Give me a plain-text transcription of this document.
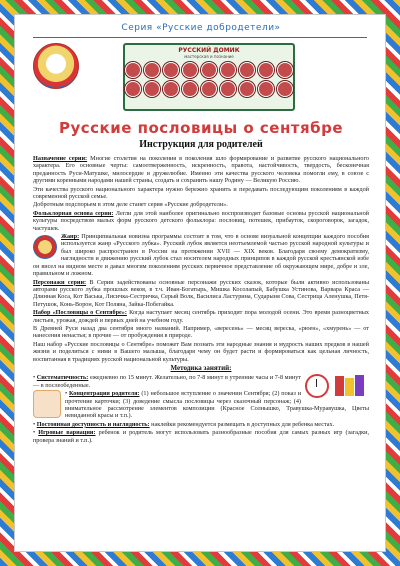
Серия «Русские добродетели»
РУССКИЙ ДОМИК
мастерская и познание
Русские пословицы о сентябре
Инструкция для родителей

Назначение серии: Многие столетия на поколения в поколения шло формирование и развитие русского национального характера. Его основные черты: самоотверженность, искренность, правота, настойчивость, твердость, бесконечная преданность Руси-Матушке, милосердие и дружелюбие. Именно эти качества русского человека помогли ему, в союзе с другими коренными народами нашей страны, создать и сохранить нашу Родину — Великую Россию.

Эти качества русского национального характера нужно бережно хранить и передавать последующим поколениям в каждой современной русской семье.

Добротным подспорьем в этом деле станет серия «Русские добродетели».

Фольклорная основа серии: Легли для этой наиболее оригинально воспроизводят базовые основы русской национальной культуры посредством малых форм русского детского фольклора: пословиц, потешек, прибауток, скороговорок, загадок, частушек.

Жанр: Принципиальная новизна программы состоит в том, что в основе визуальной концепции каждого пособия используется жанр «Русского лубка». Русский лубок является неотъемлемой частью русской народной культуры и был широко распространен в России на протяжении XVII — XIX веков. Благодаря своему демократизму, наглядности и движению русский лубок стал носителем народных принципов в каждой русской крестьянской избе он висел на видном месте и давал многим поколениям русских первичное представление об окружающем мире, добре и зле, правильном и ложном.

Персонажи серии: В Серии задействованы основные персонажи русских сказок, которые были активно использованы авторами русского лубка прошлых веков, в т.ч. Иван-Богатырь, Мишка Косолапый, Бабушка Устинова, Варвара Краса — Длинная Коса, Кот Васька, Лисичка-Сестричка, Серый Волк, Василиса Ластурина, Сударыня Сова, Сестрица Аленушка, Петя-Петушок, Конь-Ворон, Кот Поляна, Зайка-Побегайка.

Набор «Пословицы о Сентябре»: Когда наступает месяц сентябрь приходит пора молодой осени. Это время разноцветных листьев, урожая, дождей и первых дней на учебном году.

В Древней Руси назад два сентября много названий. Например, «вересень» — месяц вереска, «рюен», «хмурень» — от нанесения ненастья; в прочие — от пробуждения в природе.

Наш набор «Русские пословицы о Сентябре» поможет Вам познать эти народные знания и мудрость наших предков в нашей жизни и поделиться с ними в Вашего малыша, благодаря чему он будет расти и формироваться как цельная личность, воспитанная в традициях русской национальной культуры.

Методика занятий:

• Систематичность: ежедневно по 15 минут. Желательно, по 7-8 минут в утренние часы и 7-8 минут — в послеобеденные.

• Концентрация родителя: (1) небольшое вступление о значении Сентября; (2) показ и прочтение карточки; (3) доведение смысла пословицы через сказочный персонаж; (4) внимательное рассмотрение элементов композиции (Красное Солнышко, Травушка-Муравушка, Цветы невиданной красы и т.п.).

• Постоянная доступность и наглядность: наклейки рекомендуется размещать в доступных для ребенка местах.

• Игровые вариации: ребенок и родитель могут использовать разнообразные пособия для самых разных игр (загадки, провера знаний и т.п.).
